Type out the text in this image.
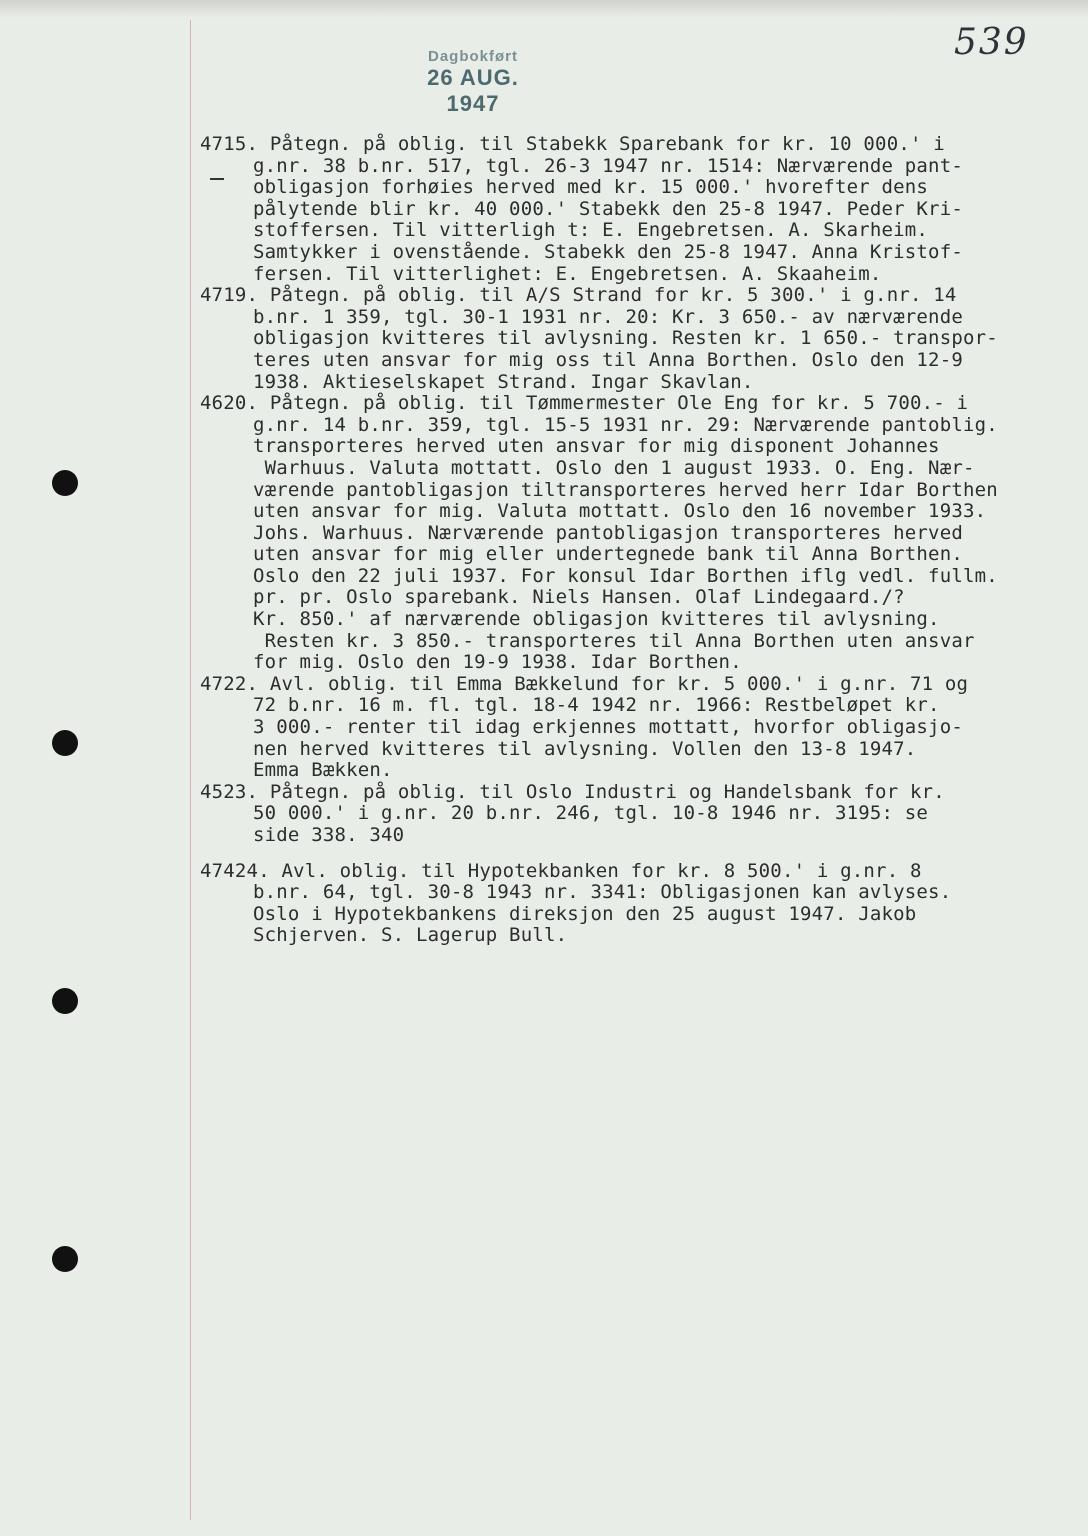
539
Dagbokført
26 AUG. 1947
4715. Påtegn. på oblig. til Stabekk Sparebank for kr. 10 000.' i
g.nr. 38 b.nr. 517, tgl. 26-3 1947 nr. 1514: Nærværende pant-
obligasjon forhøies herved med kr. 15 000.' hvorefter dens
pålytende blir kr. 40 000.' Stabekk den 25-8 1947. Peder Kri-
stoffersen. Til vitterligh t: E. Engebretsen. A. Skarheim.
Samtykker i ovenstående. Stabekk den 25-8 1947. Anna Kristof-
fersen. Til vitterlighet: E. Engebretsen. A. Skaaheim.
4719. Påtegn. på oblig. til A/S Strand for kr. 5 300.' i g.nr. 14
b.nr. 1 359, tgl. 30-1 1931 nr. 20: Kr. 3 650.- av nærværende
obligasjon kvitteres til avlysning. Resten kr. 1 650.- transpor-
teres uten ansvar for mig oss til Anna Borthen. Oslo den 12-9
1938. Aktieselskapet Strand. Ingar Skavlan.
4620. Påtegn. på oblig. til Tømmermester Ole Eng for kr. 5 700.- i
g.nr. 14 b.nr. 359, tgl. 15-5 1931 nr. 29: Nærværende pantoblig.
transporteres herved uten ansvar for mig disponent Johannes
Warhuus. Valuta mottatt. Oslo den 1 august 1933. O. Eng. Nær-
værende pantobligasjon tiltransporteres herved herr Idar Borthen
uten ansvar for mig. Valuta mottatt. Oslo den 16 november 1933.
Johs. Warhuus. Nærværende pantobligasjon transporteres herved
uten ansvar for mig eller undertegnede bank til Anna Borthen.
Oslo den 22 juli 1937. For konsul Idar Borthen iflg vedl. fullm.
pr. pr. Oslo sparebank. Niels Hansen. Olaf Lindegaard./?
Kr. 850.' af nærværende obligasjon kvitteres til avlysning.
Resten kr. 3 850.- transporteres til Anna Borthen uten ansvar
for mig. Oslo den 19-9 1938. Idar Borthen.
4722. Avl. oblig. til Emma Bækkelund for kr. 5 000.' i g.nr. 71 og
72 b.nr. 16 m. fl. tgl. 18-4 1942 nr. 1966: Restbeløpet kr.
3 000.- renter til idag erkjennes mottatt, hvorfor obligasjo-
nen herved kvitteres til avlysning. Vollen den 13-8 1947.
Emma Bækken.
4523. Påtegn. på oblig. til Oslo Industri og Handelsbank for kr.
50 000.' i g.nr. 20 b.nr. 246, tgl. 10-8 1946 nr. 3195: se
side 338. 340
47424. Avl. oblig. til Hypotekbanken for kr. 8 500.' i g.nr. 8
b.nr. 64, tgl. 30-8 1943 nr. 3341: Obligasjonen kan avlyses.
Oslo i Hypotekbankens direksjon den 25 august 1947. Jakob
Schjerven. S. Lagerup Bull.
